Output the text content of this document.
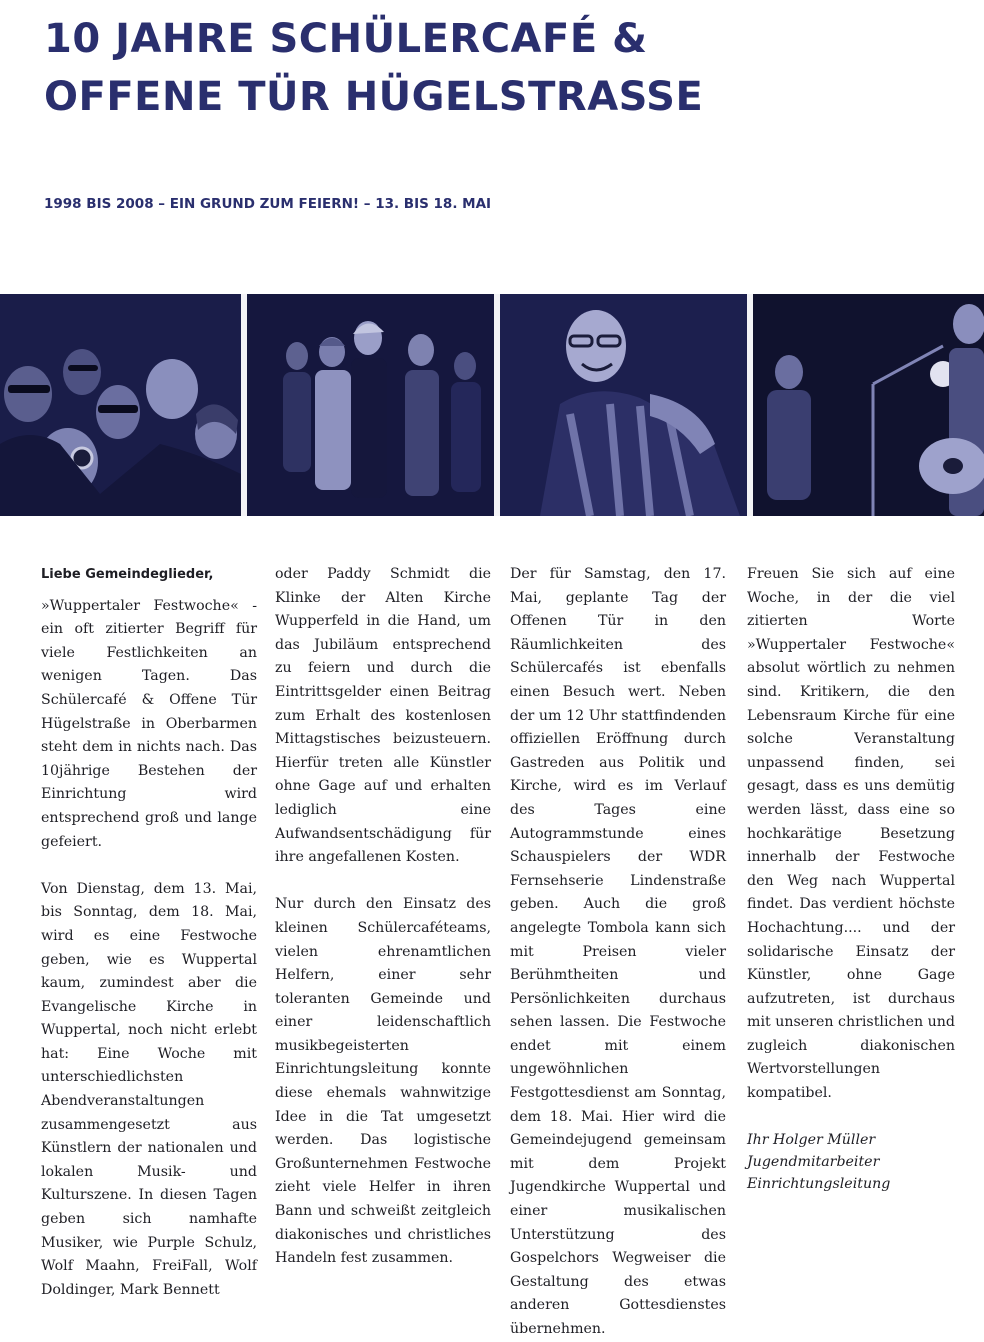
10 JAHRE SCHÜLERCAFÉ &
OFFENE TÜR HÜGELSTRASSE
1998 BIS 2008 – EIN GRUND ZUM FEIERN! – 13. BIS 18. MAI
Liebe Gemeindeglieder,

»Wuppertaler Festwoche« - ein oft zitierter Begriff für viele Festlichkeiten an wenigen Tagen. Das Schülercafé & Offene Tür Hügelstraße in Oberbarmen steht dem in nichts nach. Das 10jährige Bestehen der Einrichtung wird entsprechend groß und lange gefeiert.

Von Dienstag, dem 13. Mai, bis Sonntag, dem 18. Mai, wird es eine Festwoche geben, wie es Wuppertal kaum, zumindest aber die Evangelische Kirche in Wuppertal, noch nicht erlebt hat: Eine Woche mit unterschiedlichsten Abendveranstaltungen zusammengesetzt aus Künstlern der nationalen und lokalen Musik- und Kulturszene. In diesen Tagen geben sich namhafte Musiker, wie Purple Schulz, Wolf Maahn, FreiFall, Wolf Doldinger, Mark Bennett

oder Paddy Schmidt die Klinke der Alten Kirche Wupperfeld in die Hand, um das Jubiläum entsprechend zu feiern und durch die Eintrittsgelder einen Beitrag zum Erhalt des kostenlosen Mittagstisches beizusteuern. Hierfür treten alle Künstler ohne Gage auf und erhalten lediglich eine Aufwandsentschädigung für ihre angefallenen Kosten.

Nur durch den Einsatz des kleinen Schülercaféteams, vielen ehrenamtlichen Helfern, einer sehr toleranten Gemeinde und einer leidenschaftlich musikbegeisterten Einrichtungsleitung konnte diese ehemals wahnwitzige Idee in die Tat umgesetzt werden. Das logistische Großunternehmen Festwoche zieht viele Helfer in ihren Bann und schweißt zeitgleich diakonisches und christliches Handeln fest zusammen.

Der für Samstag, den 17. Mai, geplante Tag der Offenen Tür in den Räumlichkeiten des Schülercafés ist ebenfalls einen Besuch wert. Neben der um 12 Uhr stattfindenden offiziellen Eröffnung durch Gastreden aus Politik und Kirche, wird es im Verlauf des Tages eine Autogrammstunde eines Schauspielers der WDR Fernsehserie Lindenstraße geben. Auch die groß angelegte Tombola kann sich mit Preisen vieler Berühmtheiten und Persönlichkeiten durchaus sehen lassen. Die Festwoche endet mit einem ungewöhnlichen Festgottesdienst am Sonntag, dem 18. Mai. Hier wird die Gemeindejugend gemeinsam mit dem Projekt Jugendkirche Wuppertal und einer musikalischen Unterstützung des Gospelchors Wegweiser die Gestaltung des etwas anderen Gottesdienstes übernehmen.

Freuen Sie sich auf eine Woche, in der die viel zitierten Worte »Wuppertaler Festwoche« absolut wörtlich zu nehmen sind. Kritikern, die den Lebensraum Kirche für eine solche Veranstaltung unpassend finden, sei gesagt, dass es uns demütig werden lässt, dass eine so hochkarätige Besetzung innerhalb der Festwoche den Weg nach Wuppertal findet. Das verdient höchste Hochachtung.... und der solidarische Einsatz der Künstler, ohne Gage aufzutreten, ist durchaus mit unseren christlichen und zugleich diakonischen Wertvorstellungen kompatibel.

Ihr Holger Müller
Jugendmitarbeiter
Einrichtungsleitung
